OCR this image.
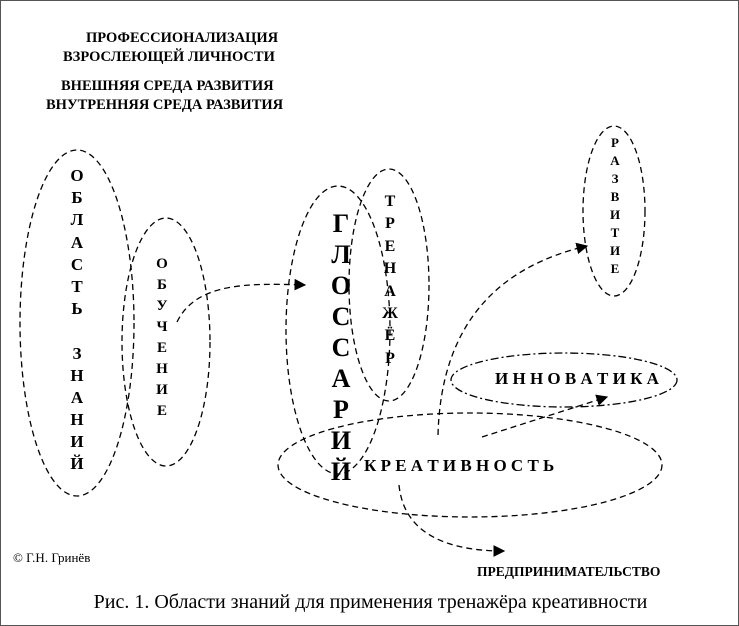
ПРОФЕССИОНАЛИЗАЦИЯ
ВЗРОСЛЕЮЩЕЙ ЛИЧНОСТИ
ВНЕШНЯЯ СРЕДА РАЗВИТИЯ
ВНУТРЕННЯЯ СРЕДА РАЗВИТИЯ
О
Б
Л
А
С
Т
Ь

З
Н
А
Н
И
Й
О
Б
У
Ч
Е
Н
И
Е
Г
Л
О
С
С
А
Р
И
Й
Т
Р
Е
Н
А
Ж
Ё
Р
Р
А
З
В
И
Т
И
Е
И Н Н О В А Т И К А
К Р Е А Т И В Н О С Т Ь
ПРЕДПРИНИМАТЕЛЬСТВО
© Г.Н. Гринёв
Рис. 1. Области знаний для применения тренажёра креативности
